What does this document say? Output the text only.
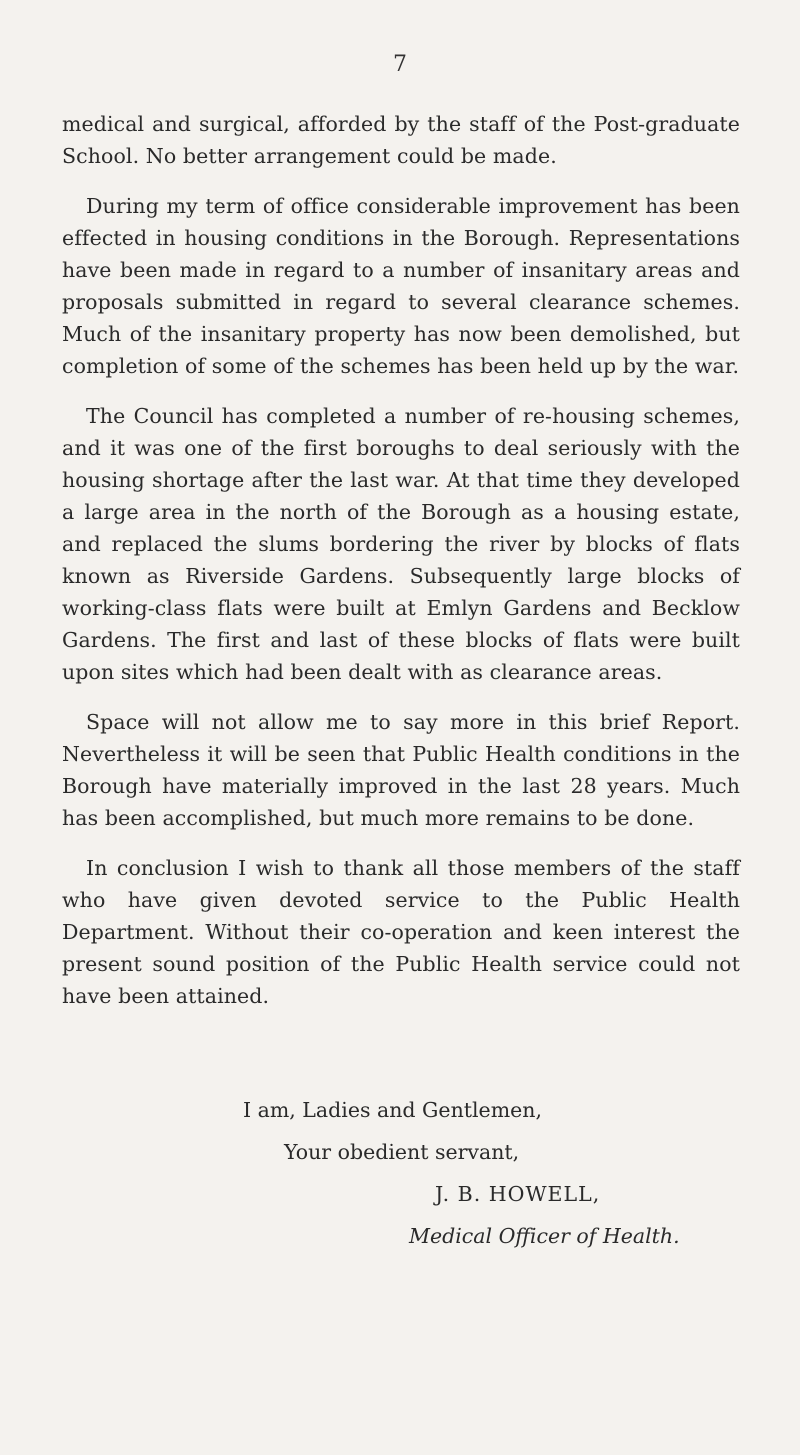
7

medical and surgical, afforded by the staff of the Post-graduate School. No better arrangement could be made.

During my term of office considerable improvement has been effected in housing conditions in the Borough. Representations have been made in regard to a number of insanitary areas and proposals submitted in regard to several clearance schemes. Much of the insanitary property has now been demolished, but completion of some of the schemes has been held up by the war.

The Council has completed a number of re-housing schemes, and it was one of the first boroughs to deal seriously with the housing shortage after the last war. At that time they developed a large area in the north of the Borough as a housing estate, and replaced the slums bordering the river by blocks of flats known as Riverside Gardens. Subsequently large blocks of working-class flats were built at Emlyn Gardens and Becklow Gardens. The first and last of these blocks of flats were built upon sites which had been dealt with as clearance areas.

Space will not allow me to say more in this brief Report. Nevertheless it will be seen that Public Health conditions in the Borough have materially improved in the last 28 years. Much has been accomplished, but much more remains to be done.

In conclusion I wish to thank all those members of the staff who have given devoted service to the Public Health Department. Without their co-operation and keen interest the present sound position of the Public Health service could not have been attained.

I am, Ladies and Gentlemen,
Your obedient servant,
J. B. HOWELL,
Medical Officer of Health.
